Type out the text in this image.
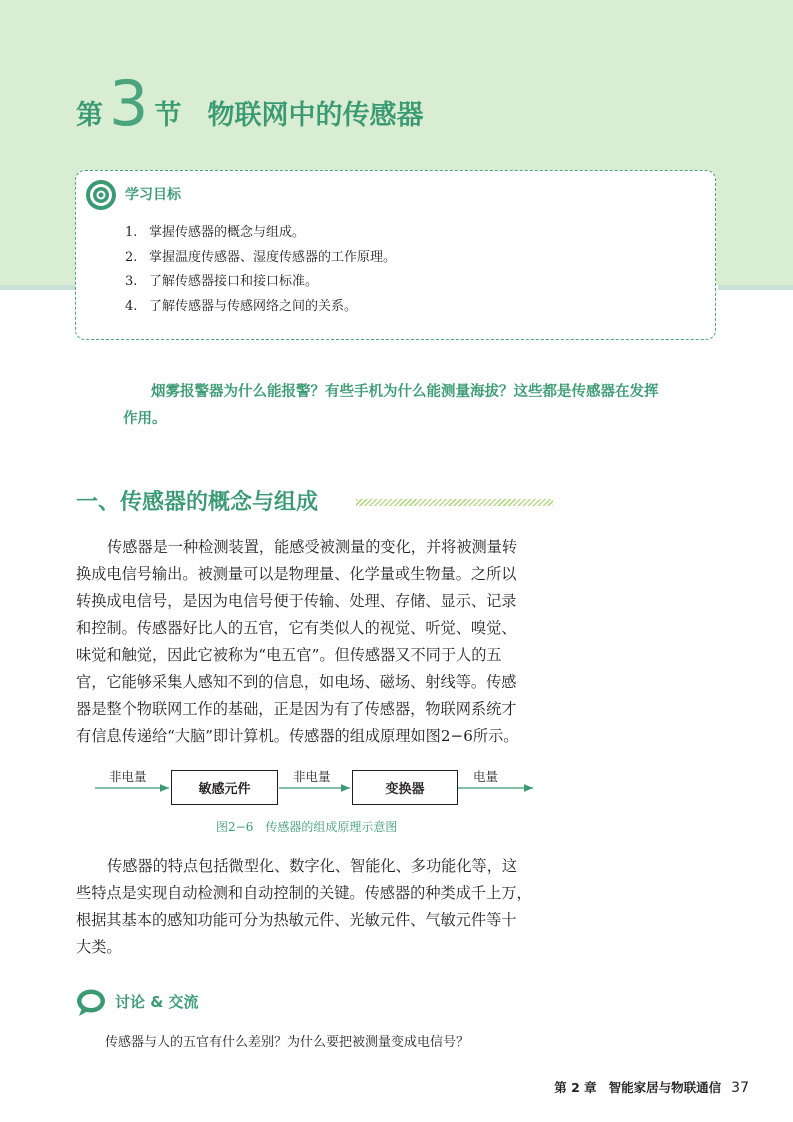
第 3 节 物联网中的传感器
学习目标
1. 掌握传感器的概念与组成。
2. 掌握温度传感器、湿度传感器的工作原理。
3. 了解传感器接口和接口标准。
4. 了解传感器与传感网络之间的关系。
烟雾报警器为什么能报警？有些手机为什么能测量海拔？这些都是传感器在发挥
作用。
一、传感器的概念与组成
传感器是一种检测装置，能感受被测量的变化，并将被测量转
换成电信号输出。被测量可以是物理量、化学量或生物量。之所以
转换成电信号，是因为电信号便于传输、处理、存储、显示、记录
和控制。传感器好比人的五官，它有类似人的视觉、听觉、嗅觉、
味觉和触觉，因此它被称为“电五官”。但传感器又不同于人的五
官，它能够采集人感知不到的信息，如电场、磁场、射线等。传感
器是整个物联网工作的基础，正是因为有了传感器，物联网系统才
有信息传递给“大脑”即计算机。传感器的组成原理如图2−6所示。
非电量
敏感元件
非电量
变换器
电量
图2−6　传感器的组成原理示意图
传感器的特点包括微型化、数字化、智能化、多功能化等，这
些特点是实现自动检测和自动控制的关键。传感器的种类成千上万，
根据其基本的感知功能可分为热敏元件、光敏元件、气敏元件等十
大类。
讨论 & 交流
传感器与人的五官有什么差别？为什么要把被测量变成电信号？
第 2 章 智能家居与物联通信 37
